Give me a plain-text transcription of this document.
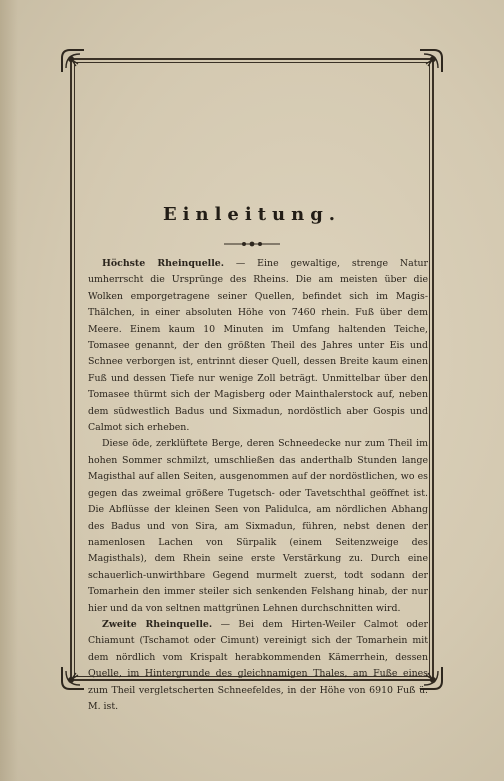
Einleitung.

Höchste Rheinquelle. — Eine gewaltige, strenge Natur umherrscht die Ursprünge des Rheins. Die am meisten über die Wolken emporgetragene seiner Quellen, befindet sich im Magis-Thälchen, in einer absoluten Höhe von 7460 rhein. Fuß über dem Meere. Einem kaum 10 Minuten im Umfang haltenden Teiche, Tomasee genannt, der den größten Theil des Jahres unter Eis und Schnee verborgen ist, entrinnt dieser Quell, dessen Breite kaum einen Fuß und dessen Tiefe nur wenige Zoll beträgt. Unmittelbar über den Tomasee thürmt sich der Magisberg oder Mainthalerstock auf, neben dem südwestlich Badus und Sixmadun, nordöstlich aber Gospis und Calmot sich erheben.

Diese öde, zerklüftete Berge, deren Schneedecke nur zum Theil im hohen Sommer schmilzt, umschließen das anderthalb Stunden lange Magisthal auf allen Seiten, ausgenommen auf der nordöstlichen, wo es gegen das zweimal größere Tugetsch- oder Tavetschthal geöffnet ist. Die Abflüsse der kleinen Seen von Palidulca, am nördlichen Abhang des Badus und von Sira, am Sixmadun, führen, nebst denen der namenlosen Lachen von Sürpalik (einem Seitenzweige des Magisthals), dem Rhein seine erste Verstärkung zu. Durch eine schauerlich-unwirthbare Gegend murmelt zuerst, todt sodann der Tomarhein den immer steiler sich senkenden Felshang hinab, der nur hier und da von seltnen mattgrünen Lehnen durchschnitten wird.

Zweite Rheinquelle. — Bei dem Hirten-Weiler Calmot oder Chiamunt (Tschamot oder Cimunt) vereinigt sich der Tomarhein mit dem nördlich vom Krispalt herabkommenden Kämerrhein, dessen Quelle, im Hintergrunde des gleichnamigen Thales, am Fuße eines zum Theil vergletscherten Schneefeldes, in der Höhe von 6910 Fuß ü. M. ist.
